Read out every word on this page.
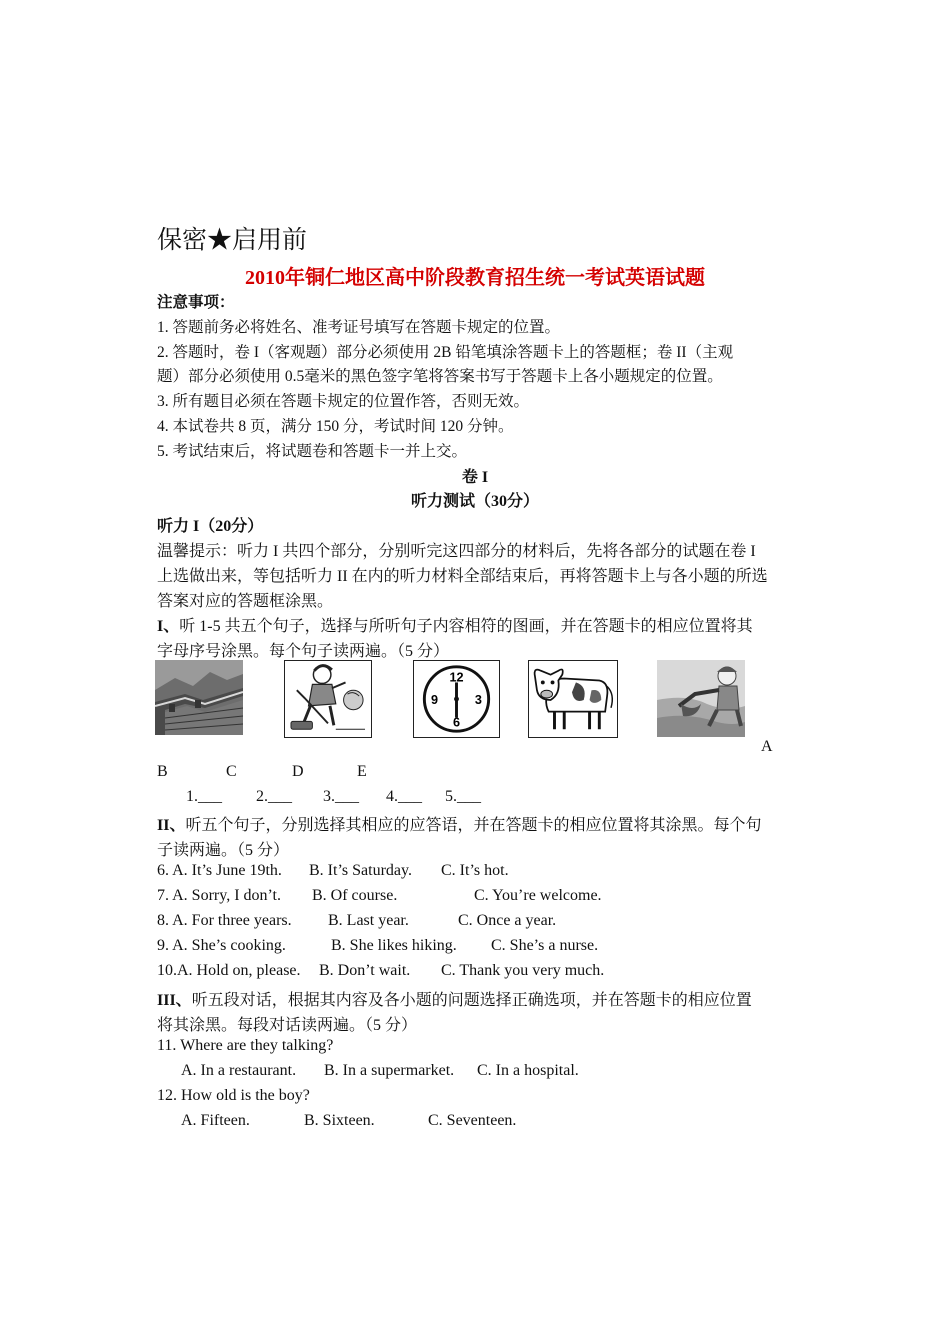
保密★启用前
2010年铜仁地区高中阶段教育招生统一考试英语试题
注意事项：
1. 答题前务必将姓名、准考证号填写在答题卡规定的位置。
2. 答题时，卷 I（客观题）部分必须使用 2B 铅笔填涂答题卡上的答题框；卷 II（主观
题）部分必须使用 0.5毫米的黑色签字笔将答案书写于答题卡上各小题规定的位置。
3. 所有题目必须在答题卡规定的位置作答，否则无效。
4. 本试卷共 8 页，满分 150 分，考试时间 120 分钟。
5. 考试结束后，将试题卷和答题卡一并上交。
卷 I
听力测试（30分）
听力 I（20分）
温馨提示：听力 I 共四个部分，分别听完这四部分的材料后，先将各部分的试题在卷 I
上选做出来，等包括听力 II 在内的听力材料全部结束后，再将答题卡上与各小题的所选
答案对应的答题框涂黑。
I、听 1-5 共五个句子，选择与所听句子内容相符的图画，并在答题卡的相应位置将其
字母序号涂黑。每个句子读两遍。（5 分）
12
3
6
9
A
B	C	D	E
1.___ 2.___ 3.___ 4.___ 5.___
II、听五个句子，分别选择其相应的应答语，并在答题卡的相应位置将其涂黑。每个句
子读两遍。（5 分）
6. A. It’s June 19th. B. It’s Saturday. C. It’s hot.
7. A. Sorry, I don’t. B. Of course.	C. You’re welcome.
8. A. For three years. B. Last year.	C. Once a year.
9. A. She’s cooking.	B. She likes hiking. C. She’s a nurse.
10.A. Hold on, please. B. Don’t wait. C. Thank you very much.
III、听五段对话，根据其内容及各小题的问题选择正确选项，并在答题卡的相应位置
将其涂黑。每段对话读两遍。（5 分）
11. Where are they talking?
A. In a restaurant. B. In a supermarket. C. In a hospital.
12. How old is the boy?
A. Fifteen.	B. Sixteen.	C. Seventeen.
